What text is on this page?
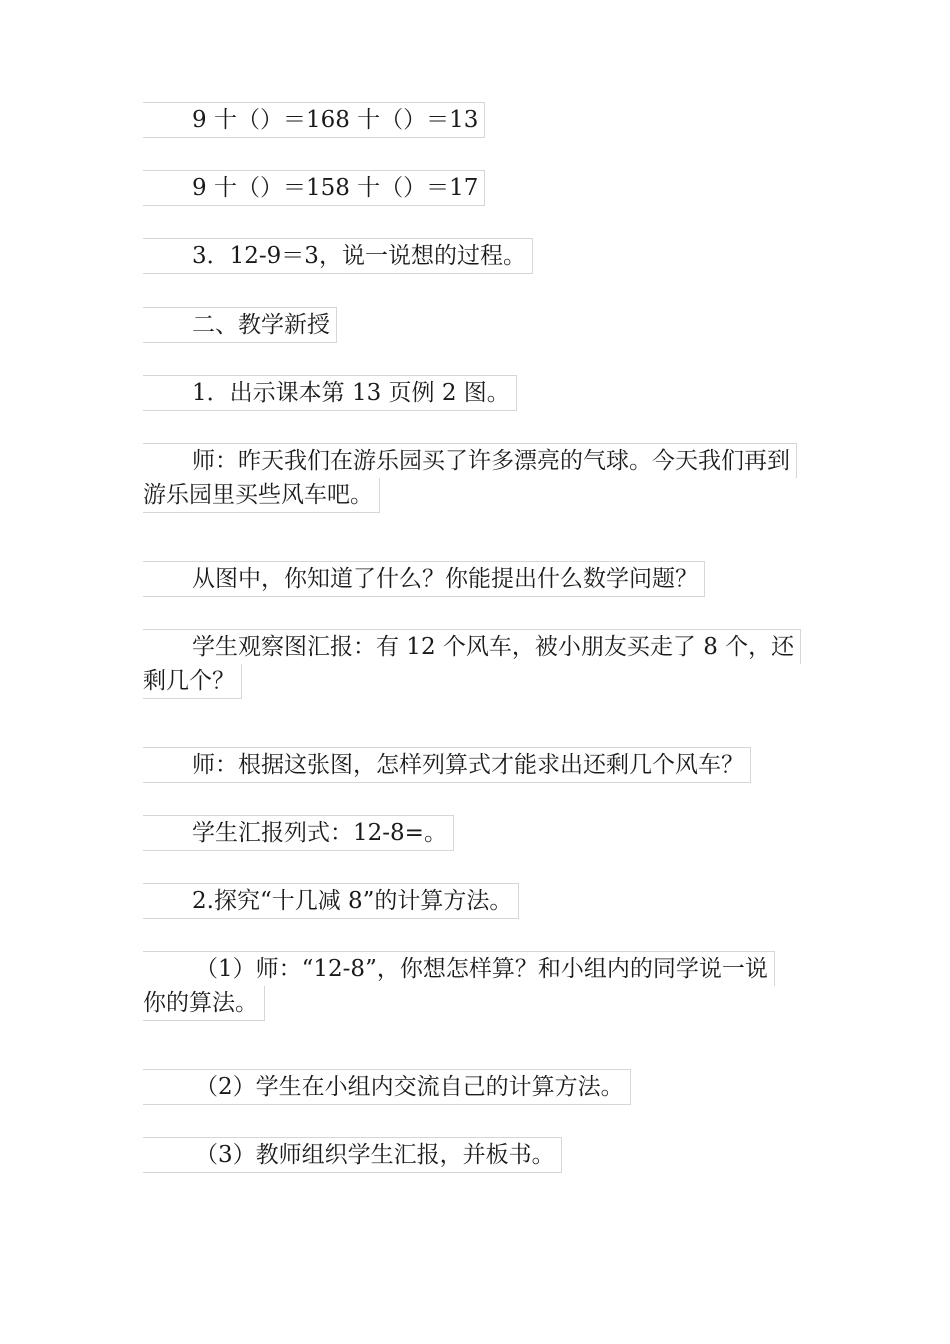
9 十（）＝168 十（）＝13
9 十（）＝158 十（）＝17
3．12-9＝3，说一说想的过程。
二、教学新授
1．出示课本第 13 页例 2 图。
师：昨天我们在游乐园买了许多漂亮的气球。今天我们再到
游乐园里买些风车吧。
从图中，你知道了什么？你能提出什么数学问题？
学生观察图汇报：有 12 个风车，被小朋友买走了 8 个，还
剩几个？
师：根据这张图，怎样列算式才能求出还剩几个风车？
学生汇报列式：12-8=。
2.探究“十几减 8”的计算方法。
（1）师：“12-8”，你想怎样算？和小组内的同学说一说
你的算法。
（2）学生在小组内交流自己的计算方法。
（3）教师组织学生汇报，并板书。
